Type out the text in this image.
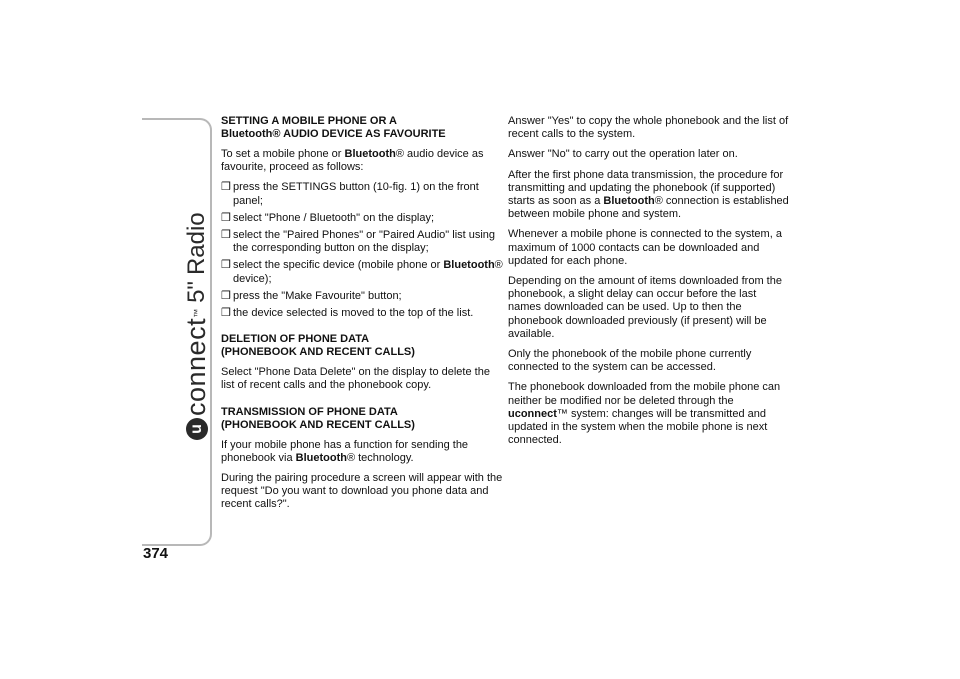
u
connect
™
5"
Radio
374
SETTING A MOBILE PHONE OR A
Bluetooth® AUDIO DEVICE AS FAVOURITE

To set a mobile phone or Bluetooth® audio device as favourite, proceed as follows:

❒ press the SETTINGS button (10-fig. 1) on the front panel;
❒ select "Phone / Bluetooth" on the display;
❒ select the "Paired Phones" or "Paired Audio" list using the corresponding button on the display;
❒ select the specific device (mobile phone or Bluetooth® device);
❒ press the "Make Favourite" button;
❒ the device selected is moved to the top of the list.
DELETION OF PHONE DATA
(PHONEBOOK AND RECENT CALLS)

Select "Phone Data Delete" on the display to delete the list of recent calls and the phonebook copy.

TRANSMISSION OF PHONE DATA
(PHONEBOOK AND RECENT CALLS)

If your mobile phone has a function for sending the phonebook via Bluetooth® technology.

During the pairing procedure a screen will appear with the request "Do you want to download you phone data and recent calls?".

Answer "Yes" to copy the whole phonebook and the list of recent calls to the system.

Answer "No" to carry out the operation later on.

After the first phone data transmission, the procedure for transmitting and updating the phonebook (if supported) starts as soon as a Bluetooth® connection is established between mobile phone and system.

Whenever a mobile phone is connected to the system, a maximum of 1000 contacts can be downloaded and updated for each phone.

Depending on the amount of items downloaded from the phonebook, a slight delay can occur before the last names downloaded can be used. Up to then the phonebook downloaded previously (if present) will be available.

Only the phonebook of the mobile phone currently connected to the system can be accessed.

The phonebook downloaded from the mobile phone can neither be modified nor be deleted through the uconnect™ system: changes will be transmitted and updated in the system when the mobile phone is next connected.
